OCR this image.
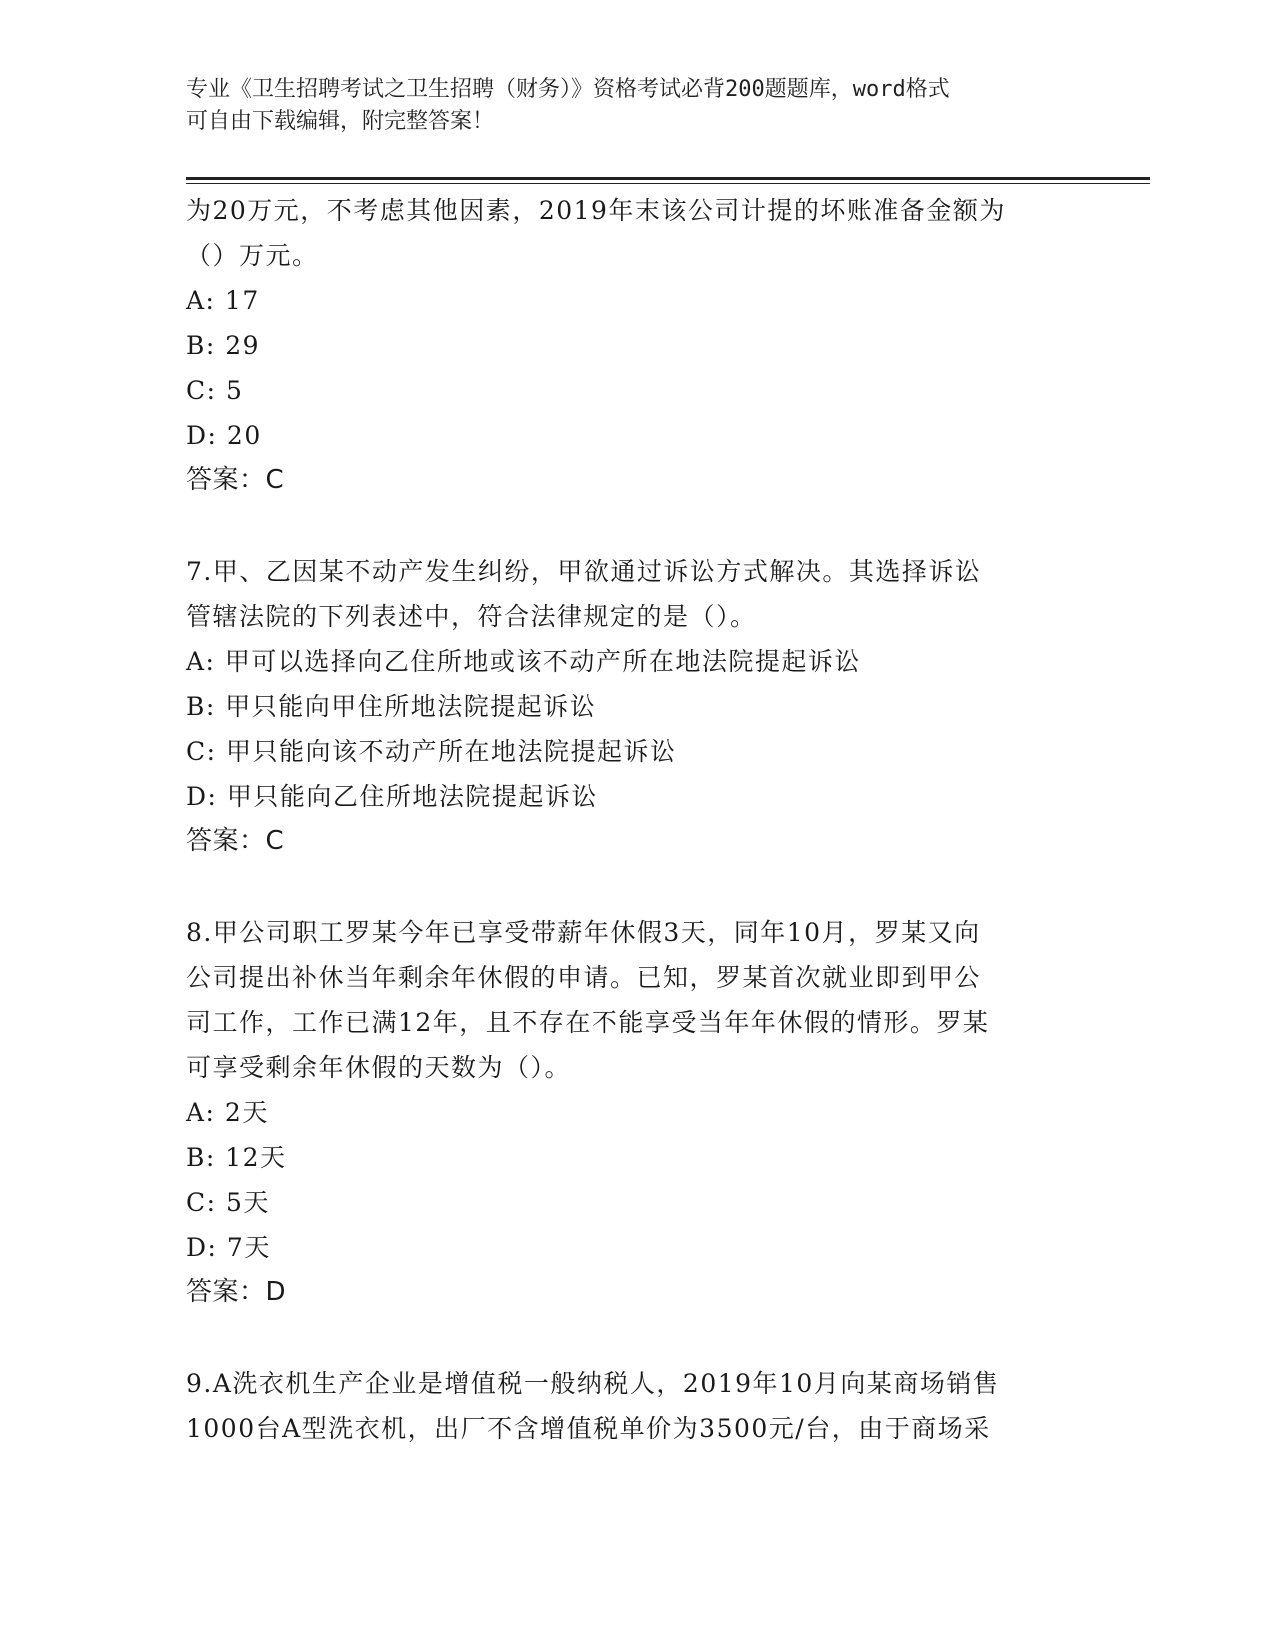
专业《卫生招聘考试之卫生招聘（财务）》资格考试必背200题题库，word格式
可自由下载编辑，附完整答案！
为20万元，不考虑其他因素，2019年末该公司计提的坏账准备金额为
（）万元。
A: 17
B: 29
C: 5
D: 20
答案：C
7.甲、乙因某不动产发生纠纷，甲欲通过诉讼方式解决。其选择诉讼
管辖法院的下列表述中，符合法律规定的是（）。
A: 甲可以选择向乙住所地或该不动产所在地法院提起诉讼
B: 甲只能向甲住所地法院提起诉讼
C: 甲只能向该不动产所在地法院提起诉讼
D: 甲只能向乙住所地法院提起诉讼
答案：C
8.甲公司职工罗某今年已享受带薪年休假3天，同年10月，罗某又向
公司提出补休当年剩余年休假的申请。已知，罗某首次就业即到甲公
司工作，工作已满12年，且不存在不能享受当年年休假的情形。罗某
可享受剩余年休假的天数为（）。
A: 2天
B: 12天
C: 5天
D: 7天
答案：D
9.A洗衣机生产企业是增值税一般纳税人，2019年10月向某商场销售
1000台A型洗衣机，出厂不含增值税单价为3500元/台，由于商场采
